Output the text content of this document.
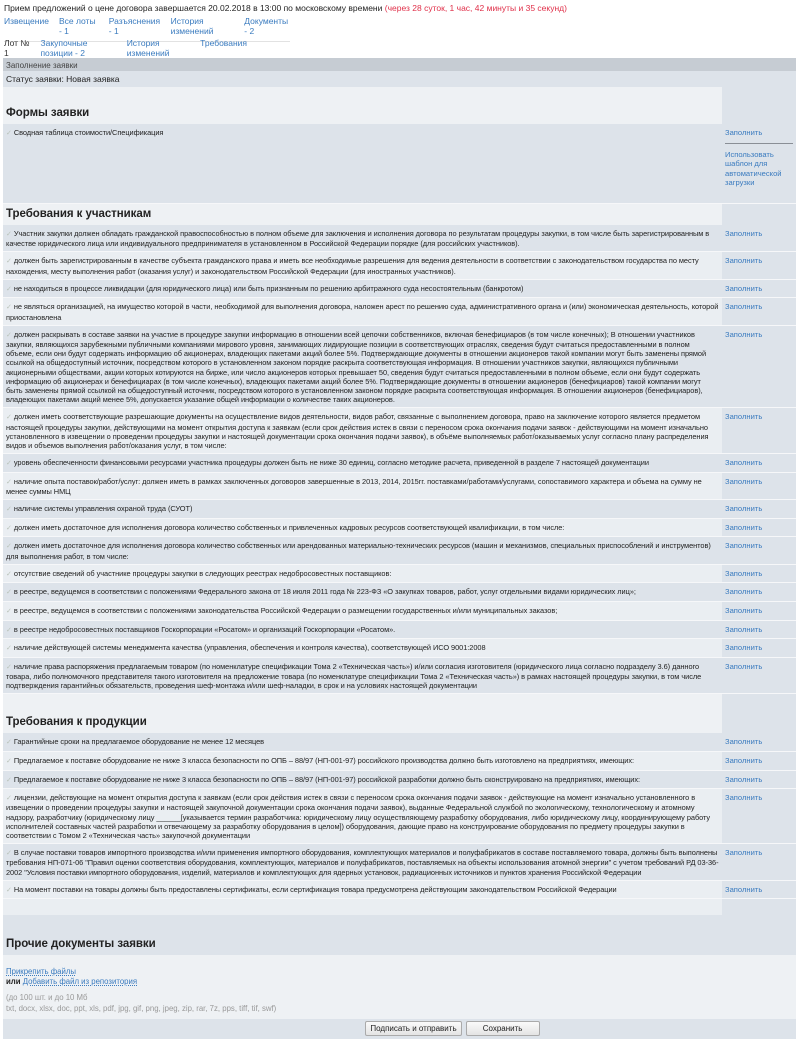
Прием предложений о цене договора завершается 20.02.2018 в 13:00 по московскому времени (через 28 суток, 1 час, 42 минуты и 35 секунд)
Извещение Все лоты - 1
Разъяснения - 1
История изменений
Документы - 2
Лот № 1
Закупочные позиции - 2
История изменений
Требования
Заполнение заявки
Статус заявки: Новая заявка
Формы заявки
✓ Сводная таблица стоимости/Спецификация	Заполнить
Использовать шаблон для автоматической загрузки
Требования к участникам
✓ Участник закупки должен обладать гражданской правоспособностью в полном объеме для заключения и исполнения договора по результатам процедуры закупки, в том числе быть зарегистрированным в качестве юридического лица или индивидуального предпринимателя в установленном в Российской Федерации порядке (для российских участников).
Заполнить
✓ должен быть зарегистрированным в качестве субъекта гражданского права и иметь все необходимые разрешения для ведения деятельности в соответствии с законодательством государства по месту нахождения, месту выполнения работ (оказания услуг) и законодательством Российской Федерации (для иностранных участников).
Заполнить
✓ не находиться в процессе ликвидации (для юридического лица) или быть признанным по решению арбитражного суда несостоятельным (банкротом)	Заполнить
✓ не являться организацией, на имущество которой в части, необходимой для выполнения договора, наложен арест по решению суда, административного органа и (или) экономическая деятельность, которой приостановлена
Заполнить
✓ должен раскрывать в составе заявки на участие в процедуре закупки информацию в отношении всей цепочки собственников, включая бенефициаров (в том числе конечных); В отношении участников закупки, являющихся зарубежными публичными компаниями мирового уровня, занимающих лидирующие позиции в соответствующих отраслях, сведения будут считаться предоставленными в полном объеме, если они будут содержать информацию об акционерах, владеющих пакетами акций более 5%. Подтверждающие документы в отношении акционеров такой компании могут быть заменены прямой ссылкой на общедоступный источник, посредством которого в установленном законом порядке раскрыта соответствующая информация. В отношении участников закупки, являющихся публичными акционерными обществами, акции которых котируются на бирже, или число акционеров которых превышает 50, сведения будут считаться предоставленными в полном объеме, если они будут содержать информацию об акционерах и бенефициарах (в том числе конечных), владеющих пакетами акций более 5%. Подтверждающие документы в отношении акционеров (бенефициаров) такой компании могут быть заменены прямой ссылкой на общедоступный источник, посредством которого в установленном законом порядке раскрыта соответствующая информация. В отношении акционеров (бенефициаров), владеющих пакетами акций менее 5%, допускается указание общей информации о количестве таких акционеров.
Заполнить
✓ должен иметь соответствующие разрешающие документы на осуществление видов деятельности, видов работ, связанные с выполнением договора, право на заключение которого является предметом настоящей процедуры закупки, действующими на момент открытия доступа к заявкам (если срок действия истек в связи с переносом срока окончания подачи заявок - действующими на момент изначально установленного в извещении о проведении процедуры закупки и настоящей документации срока окончания подачи заявок), в объёме выполняемых работ/оказываемых услуг согласно плану распределения видов и объемов выполнения работ/оказания услуг, в том числе:
Заполнить
✓ уровень обеспеченности финансовыми ресурсами участника процедуры должен быть не ниже 30 единиц, согласно методике расчета, приведенной в разделе 7 настоящей документации	Заполнить
✓ наличие опыта поставок/работ/услуг: должен иметь в рамках заключенных договоров завершенные в 2013, 2014, 2015гг. поставками/работами/услугами, сопоставимого характера и объема на сумму не менее суммы НМЦ
Заполнить
✓ наличие системы управления охраной труда (СУОТ)	Заполнить
✓ должен иметь достаточное для исполнения договора количество собственных и привлеченных кадровых ресурсов соответствующей квалификации, в том числе:	Заполнить
✓ должен иметь достаточное для исполнения договора количество собственных или арендованных материально-технических ресурсов (машин и механизмов, специальных приспособлений и инструментов) для выполнения работ, в том числе:
Заполнить
✓ отсутствие сведений об участнике процедуры закупки в следующих реестрах недобросовестных поставщиков:	Заполнить
✓ в реестре, ведущемся в соответствии с положениями Федерального закона от 18 июля 2011 года № 223-ФЗ «О закупках товаров, работ, услуг отдельными видами юридических лиц»;	Заполнить
✓ в реестре, ведущемся в соответствии с положениями законодательства Российской Федерации о размещении государственных и/или муниципальных заказов;	Заполнить
✓ в реестре недобросовестных поставщиков Госкорпорации «Росатом» и организаций Госкорпорации «Росатом».	Заполнить
✓ наличие действующей системы менеджмента качества (управления, обеспечения и контроля качества), соответствующей ИСО 9001:2008	Заполнить
✓ наличие права распоряжения предлагаемым товаром (по номенклатуре спецификации Тома 2 «Техническая часть») и/или согласия изготовителя (юридического лица согласно подразделу 3.6) данного товара, либо полномочного представителя такого изготовителя на предложение товара (по номенклатуре спецификации Тома 2 «Техническая часть») в рамках настоящей процедуры закупки, в том числе подтверждения гарантийных обязательств, проведения шеф-монтажа и/или шеф-наладки, в срок и на условиях настоящей документации
Заполнить
Требования к продукции
✓ Гарантийные сроки на предлагаемое оборудование не менее 12 месяцев	Заполнить
✓ Предлагаемое к поставке оборудование не ниже 3 класса безопасности по ОПБ – 88/97 (НП-001-97) российского производства должно быть изготовлено на предприятиях, имеющих:	Заполнить
✓ Предлагаемое к поставке оборудование не ниже 3 класса безопасности по ОПБ – 88/97 (НП-001-97) российской разработки должно быть сконструировано на предприятиях, имеющих:	Заполнить
✓ лицензии, действующие на момент открытия доступа к заявкам (если срок действия истек в связи с переносом срока окончания подачи заявок - действующие на момент изначально установленного в извещении о проведении процедуры закупки и настоящей закупочной документации срока окончания подачи заявок), выданные Федеральной службой по экологическому, технологическому и атомному надзору, разработчику (юридическому лицу ______[указывается термин разработчика: юридическому лицу осуществляющему разработку оборудования, либо юридическому лицу, координирующему работу исполнителей составных частей разработки и отвечающему за разработку оборудования в целом]) оборудования, дающие право на конструирование оборудования по предмету процедуры закупки в соответствии с Томом 2 «Техническая часть» закупочной документации
Заполнить
✓ В случае поставки товаров импортного производства и/или применения импортного оборудования, комплектующих материалов и полуфабрикатов в составе поставляемого товара, должны быть выполнены требования НП-071-06 "Правил оценки соответствия оборудования, комплектующих, материалов и полуфабрикатов, поставляемых на объекты использования атомной энергии" с учетом требований РД 03-36-2002 "Условия поставки импортного оборудования, изделий, материалов и комплектующих для ядерных установок, радиационных источников и пунктов хранения Российской Федерации
Заполнить
✓ На момент поставки на товары должны быть предоставлены сертификаты, если сертификация товара предусмотрена действующим законодательством Российской Федерации	Заполнить
Прочие документы заявки
Прикрепить файлы
или Добавить файл из репозитория
(до 100 шт. и до 10 Мб
txt, docx, xlsx, doc, ppt, xls, pdf, jpg, gif, png, jpeg, zip, rar, 7z, pps, tiff, tif, swf)
Подписать и отправить	Сохранить
